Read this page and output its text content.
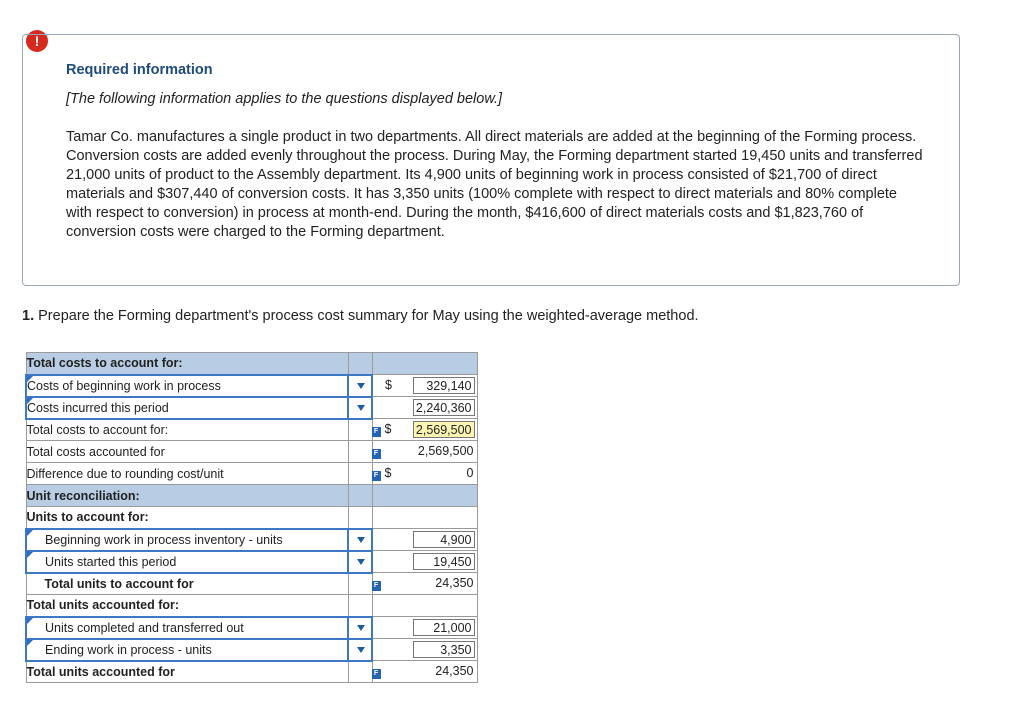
!
Required information
[The following information applies to the questions displayed below.]
Tamar Co. manufactures a single product in two departments. All direct materials are added at the beginning of the Forming process. Conversion costs are added evenly throughout the process. During May, the Forming department started 19,450 units and transferred 21,000 units of product to the Assembly department. Its 4,900 units of beginning work in process consisted of $21,700 of direct materials and $307,440 of conversion costs. It has 3,350 units (100% complete with respect to direct materials and 80% complete with respect to conversion) in process at month-end. During the month, $416,600 of direct materials costs and $1,823,760 of conversion costs were charged to the Forming department.
1. Prepare the Forming department's process cost summary for May using the weighted-average method.
Total costs to account for:		
Costs of beginning work in process		$ 329,140

Costs incurred this period		2,240,360

Total costs to account for:		F $ 2,569,500

Total costs accounted for		F 2,569,500

Difference due to rounding cost/unit		F $ 0

Unit reconciliation:		
Units to account for:		
Beginning work in process inventory - units		4,900

Units started this period		19,450

Total units to account for		F 24,350

Total units accounted for:		
Units completed and transferred out		21,000

Ending work in process - units		3,350

Total units accounted for		F 24,350
